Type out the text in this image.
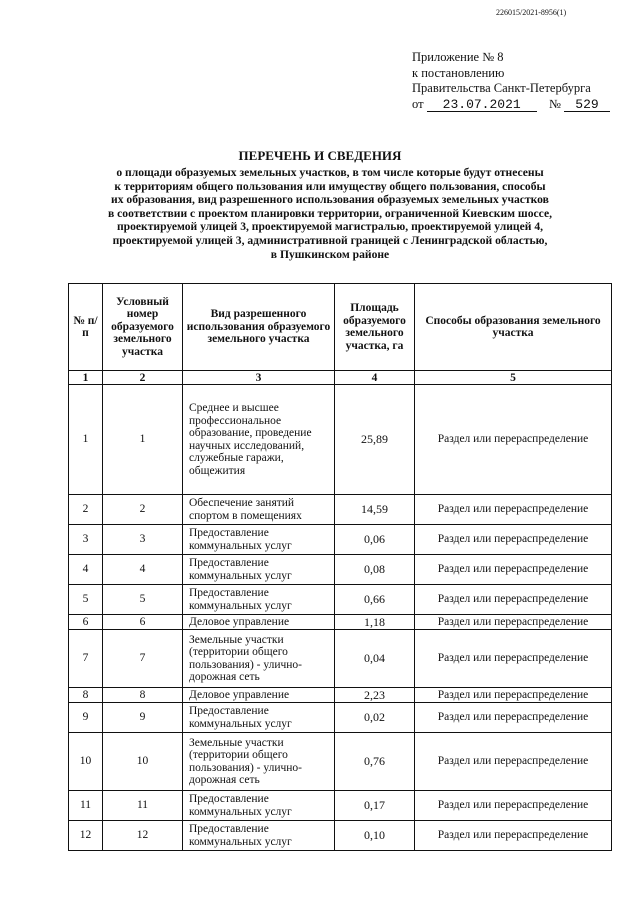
226015/2021-8956(1)
Приложение № 8
к постановлению
Правительства Санкт-Петербурга
от 23.07.2021 № 529
ПЕРЕЧЕНЬ И СВЕДЕНИЯ
о площади образуемых земельных участков, в том числе которые будут отнесены
к территориям общего пользования или имуществу общего пользования, способы
их образования, вид разрешенного использования образуемых земельных участков
в соответствии с проектом планировки территории, ограниченной Киевским шоссе,
проектируемой улицей 3, проектируемой магистралью, проектируемой улицей 4,
проектируемой улицей 3, административной границей с Ленинградской областью,
в Пушкинском районе
№ п/п	Условный номер образуемого земельного участка	Вид разрешенного использования образуемого земельного участка	Площадь образуемого земельного участка, га	Способы образования земельного участка
1	2	3	4	5
1	1	Среднее и высшее профессиональное образование, проведение научных исследований, служебные гаражи, общежития	25,89	Раздел или перераспределение
2	2	Обеспечение занятий спортом в помещениях	14,59	Раздел или перераспределение
3	3	Предоставление коммунальных услуг	0,06	Раздел или перераспределение
4	4	Предоставление коммунальных услуг	0,08	Раздел или перераспределение
5	5	Предоставление коммунальных услуг	0,66	Раздел или перераспределение
6	6	Деловое управление	1,18	Раздел или перераспределение
7	7	Земельные участки (территории общего пользования) - улично-дорожная сеть	0,04	Раздел или перераспределение
8	8	Деловое управление	2,23	Раздел или перераспределение
9	9	Предоставление коммунальных услуг	0,02	Раздел или перераспределение
10	10	Земельные участки (территории общего пользования) - улично-дорожная сеть	0,76	Раздел или перераспределение
11	11	Предоставление коммунальных услуг	0,17	Раздел или перераспределение
12	12	Предоставление коммунальных услуг	0,10	Раздел или перераспределение
